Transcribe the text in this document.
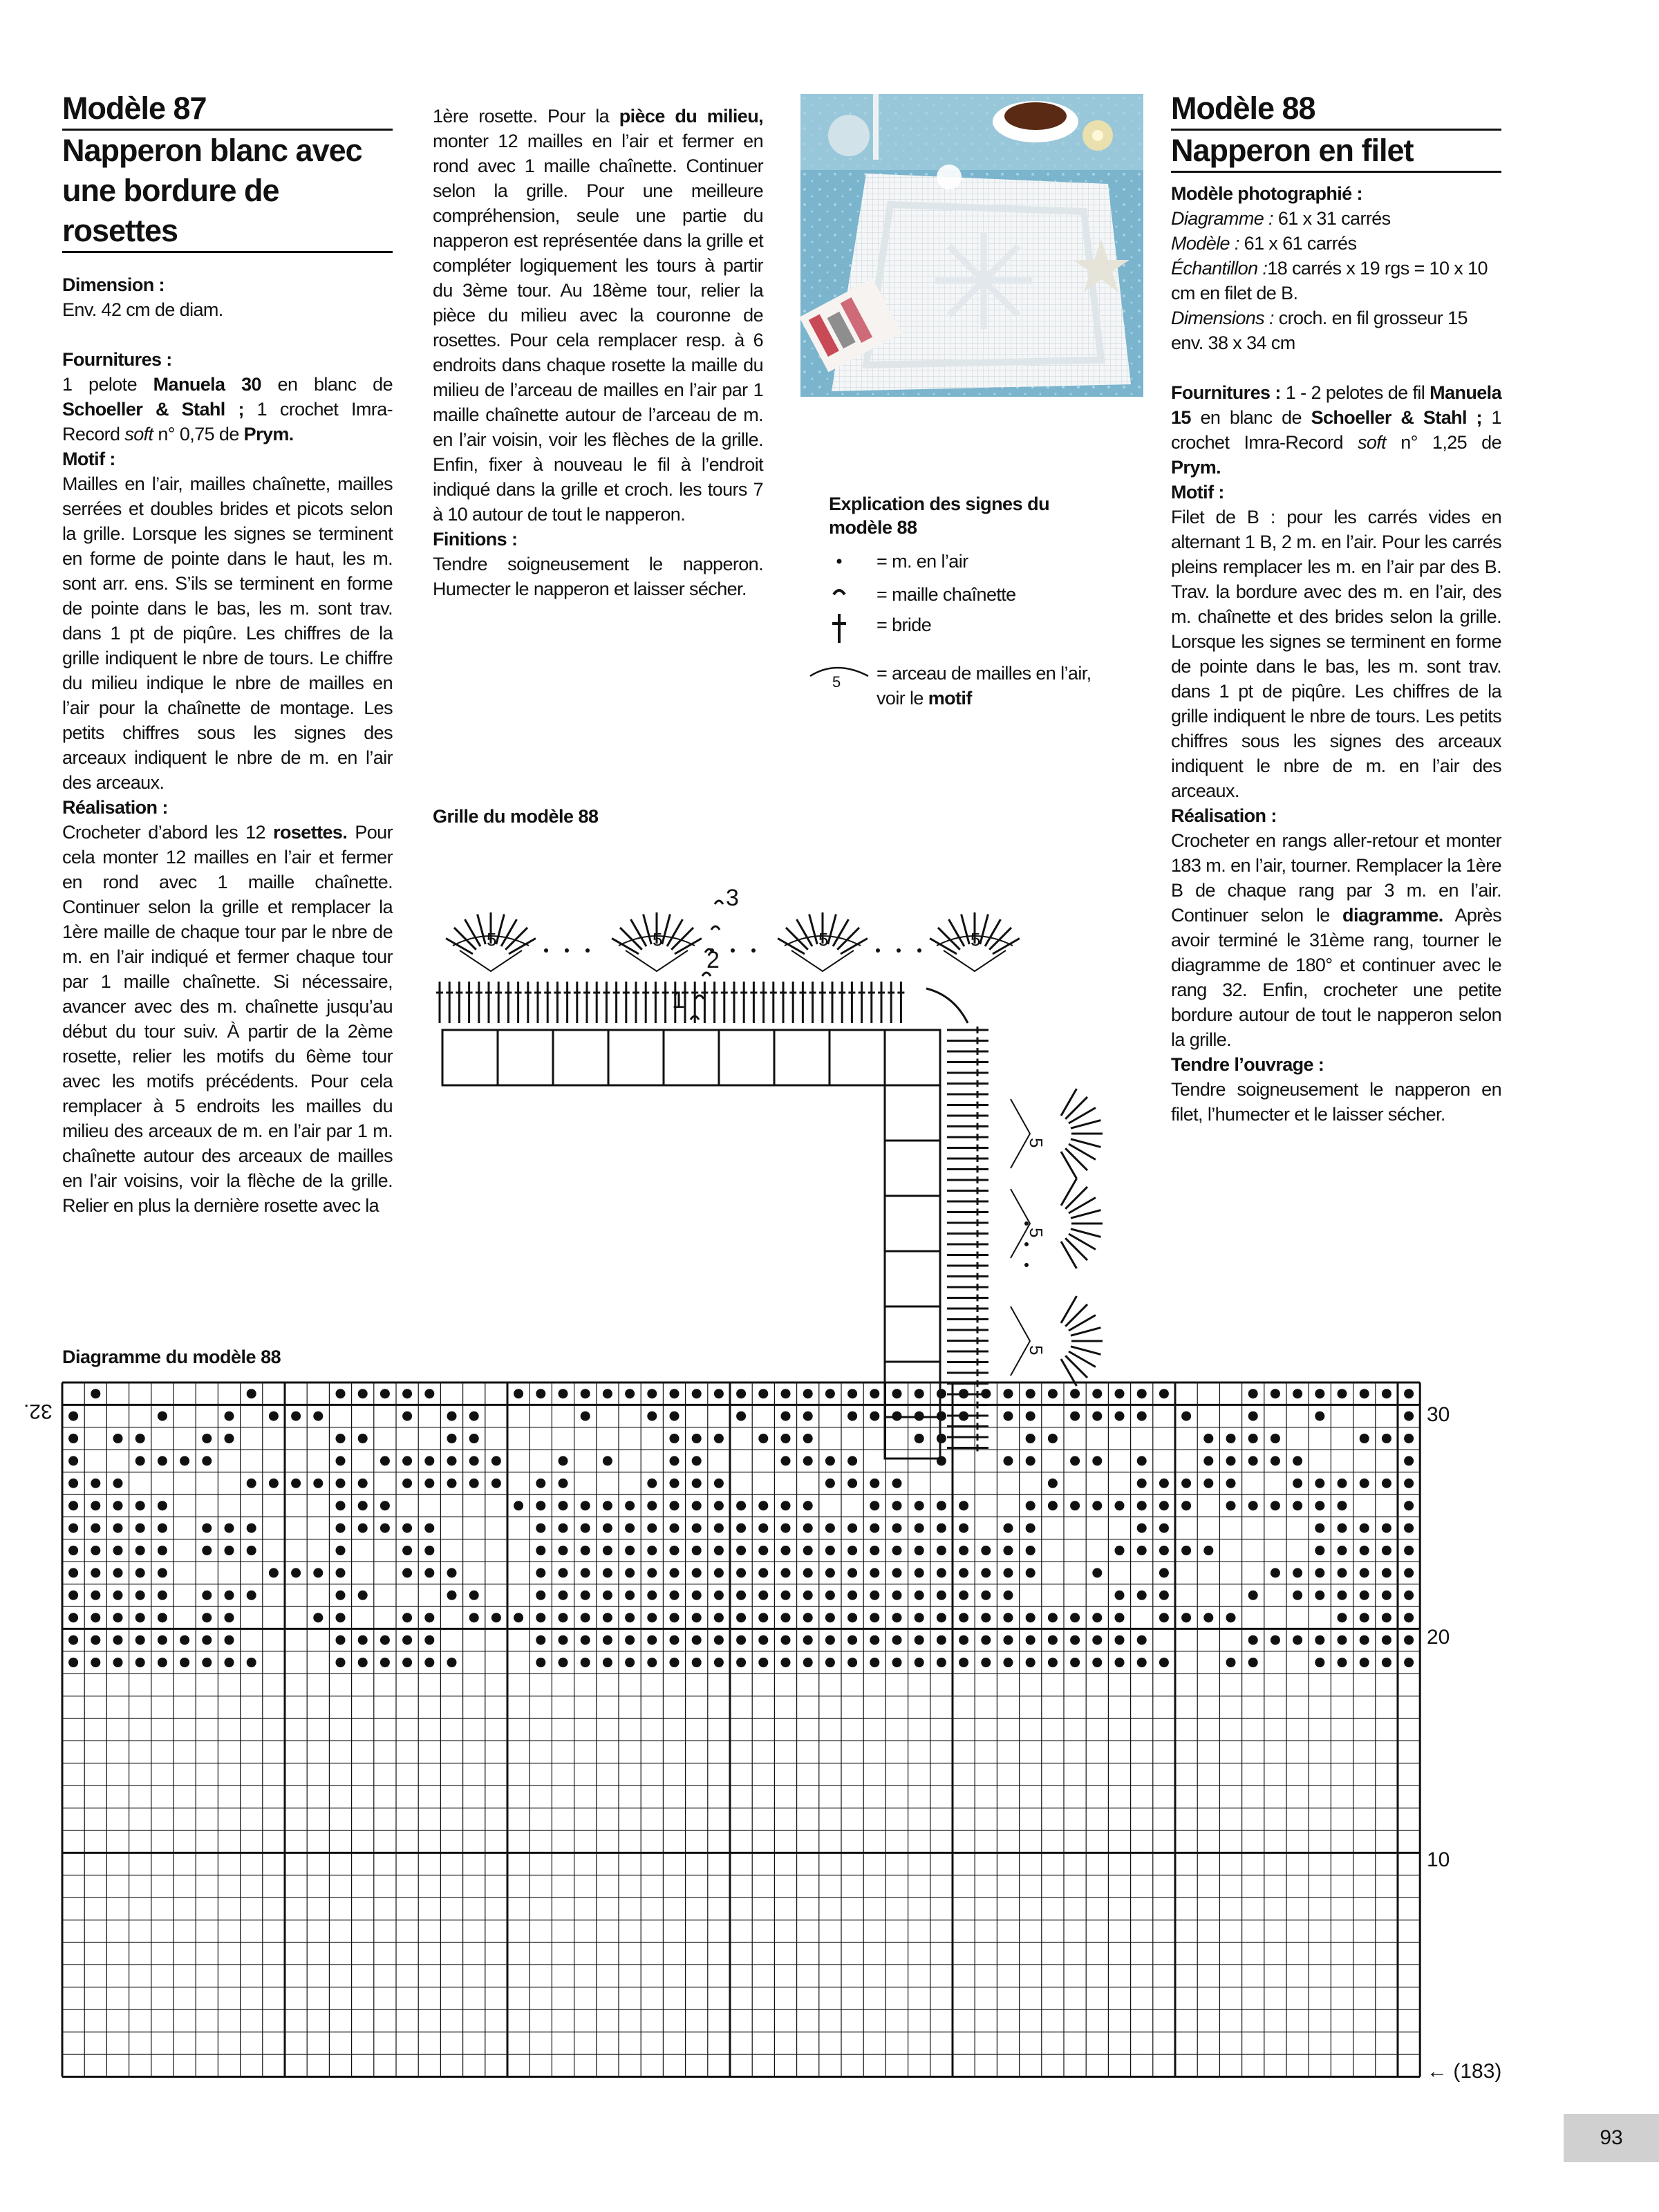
Modèle 87
Napperon blanc avec
une bordure de rosettes

Dimension :

Env. 42 cm de diam.

Fournitures :

1 pelote Manuela 30 en blanc de Schoeller & Stahl ; 1 crochet Imra- Record soft n° 0,75 de Prym.

Motif :

Mailles en l’air, mailles chaînette, mailles serrées et doubles brides et picots selon la grille. Lorsque les signes se terminent en forme de pointe dans le haut, les m. sont arr. ens. S’ils se terminent en forme de pointe dans le bas, les m. sont trav. dans 1 pt de piqûre. Les chiffres de la grille indiquent le nbre de tours. Le chiffre du milieu indique le nbre de mailles en l’air pour la chaînette de montage. Les petits chiffres sous les signes des arceaux indiquent le nbre de m. en l’air des arceaux.

Réalisation :

Crocheter d’abord les 12 rosettes. Pour cela monter 12 mailles en l’air et fermer en rond avec 1 maille chaînette. Continuer selon la grille et remplacer la 1ère maille de chaque tour par le nbre de m. en l’air indiqué et fermer chaque tour par 1 maille chaînette. Si nécessaire, avancer avec des m. chaînette jusqu’au début du tour suiv. À partir de la 2ème rosette, relier les motifs du 6ème tour avec les motifs précédents. Pour cela remplacer à 5 endroits les mailles du milieu des arceaux de m. en l’air par 1 m. chaînette autour des arceaux de mailles en l’air voisins, voir la flèche de la grille. Relier en plus la dernière rosette avec la

1ère rosette. Pour la pièce du milieu, monter 12 mailles en l’air et fermer en rond avec 1 maille chaînette. Continuer selon la grille. Pour une meilleure compréhension, seule une partie du napperon est représentée dans la grille et compléter logiquement les tours à partir du 3ème tour. Au 18ème tour, relier la pièce du milieu avec la couronne de rosettes. Pour cela remplacer resp. à 6 endroits dans chaque rosette la maille du milieu de l’arceau de mailles en l’air par 1 maille chaînette autour de l’arceau de m. en l’air voisin, voir les flèches de la grille. Enfin, fixer à nouveau le fil à l’endroit indiqué dans la grille et croch. les tours 7 à 10 autour de tout le napperon.

Finitions :

Tendre soigneusement le napperon. Humecter le napperon et laisser sécher.

Explication des signes du
modèle 88
5
= m. en l’air
= maille chaînette
= bride

= arceau de mailles en l’air,

voir le motif

Modèle 88
Napperon en filet

Modèle photographié :

Diagramme : 61 x 31 carrés

Modèle : 61 x 61 carrés

Échantillon :18 carrés x 19 rgs = 10 x 10 cm en filet de B.

Dimensions : croch. en fil grosseur 15 env. 38 x 34 cm

Fournitures : 1 - 2 pelotes de fil Manuela 15 en blanc de Schoeller & Stahl ; 1 crochet Imra-Record soft n° 1,25 de Prym.

Motif :

Filet de B : pour les carrés vides en alternant 1 B, 2 m. en l’air. Pour les carrés pleins remplacer les m. en l’air par des B. Trav. la bordure avec des m. en l’air, des m. chaînette et des brides selon la grille. Lorsque les signes se terminent en forme de pointe dans le bas, les m. sont trav. dans 1 pt de piqûre. Les chiffres de la grille indiquent le nbre de tours. Les petits chiffres sous les signes des arceaux indiquent le nbre de m. en l’air des arceaux.

Réalisation :

Crocheter en rangs aller-retour et monter 183 m. en l’air, tourner. Remplacer la 1ère B de chaque rang par 3 m. en l’air. Continuer selon le diagramme. Après avoir terminé le 31ème rang, tourner le diagramme de 180° et continuer avec le rang 32. Enfin, crocheter une petite bordure autour de tout le napperon selon la grille.

Tendre l’ouvrage :

Tendre soigneusement le napperon en filet, l’humecter et le laisser sécher.

Grille du modèle 88
5	5	5	5
5
5
5
1
2
3
Diagramme du modèle 88
32.	30
20
10
← (183)
93
